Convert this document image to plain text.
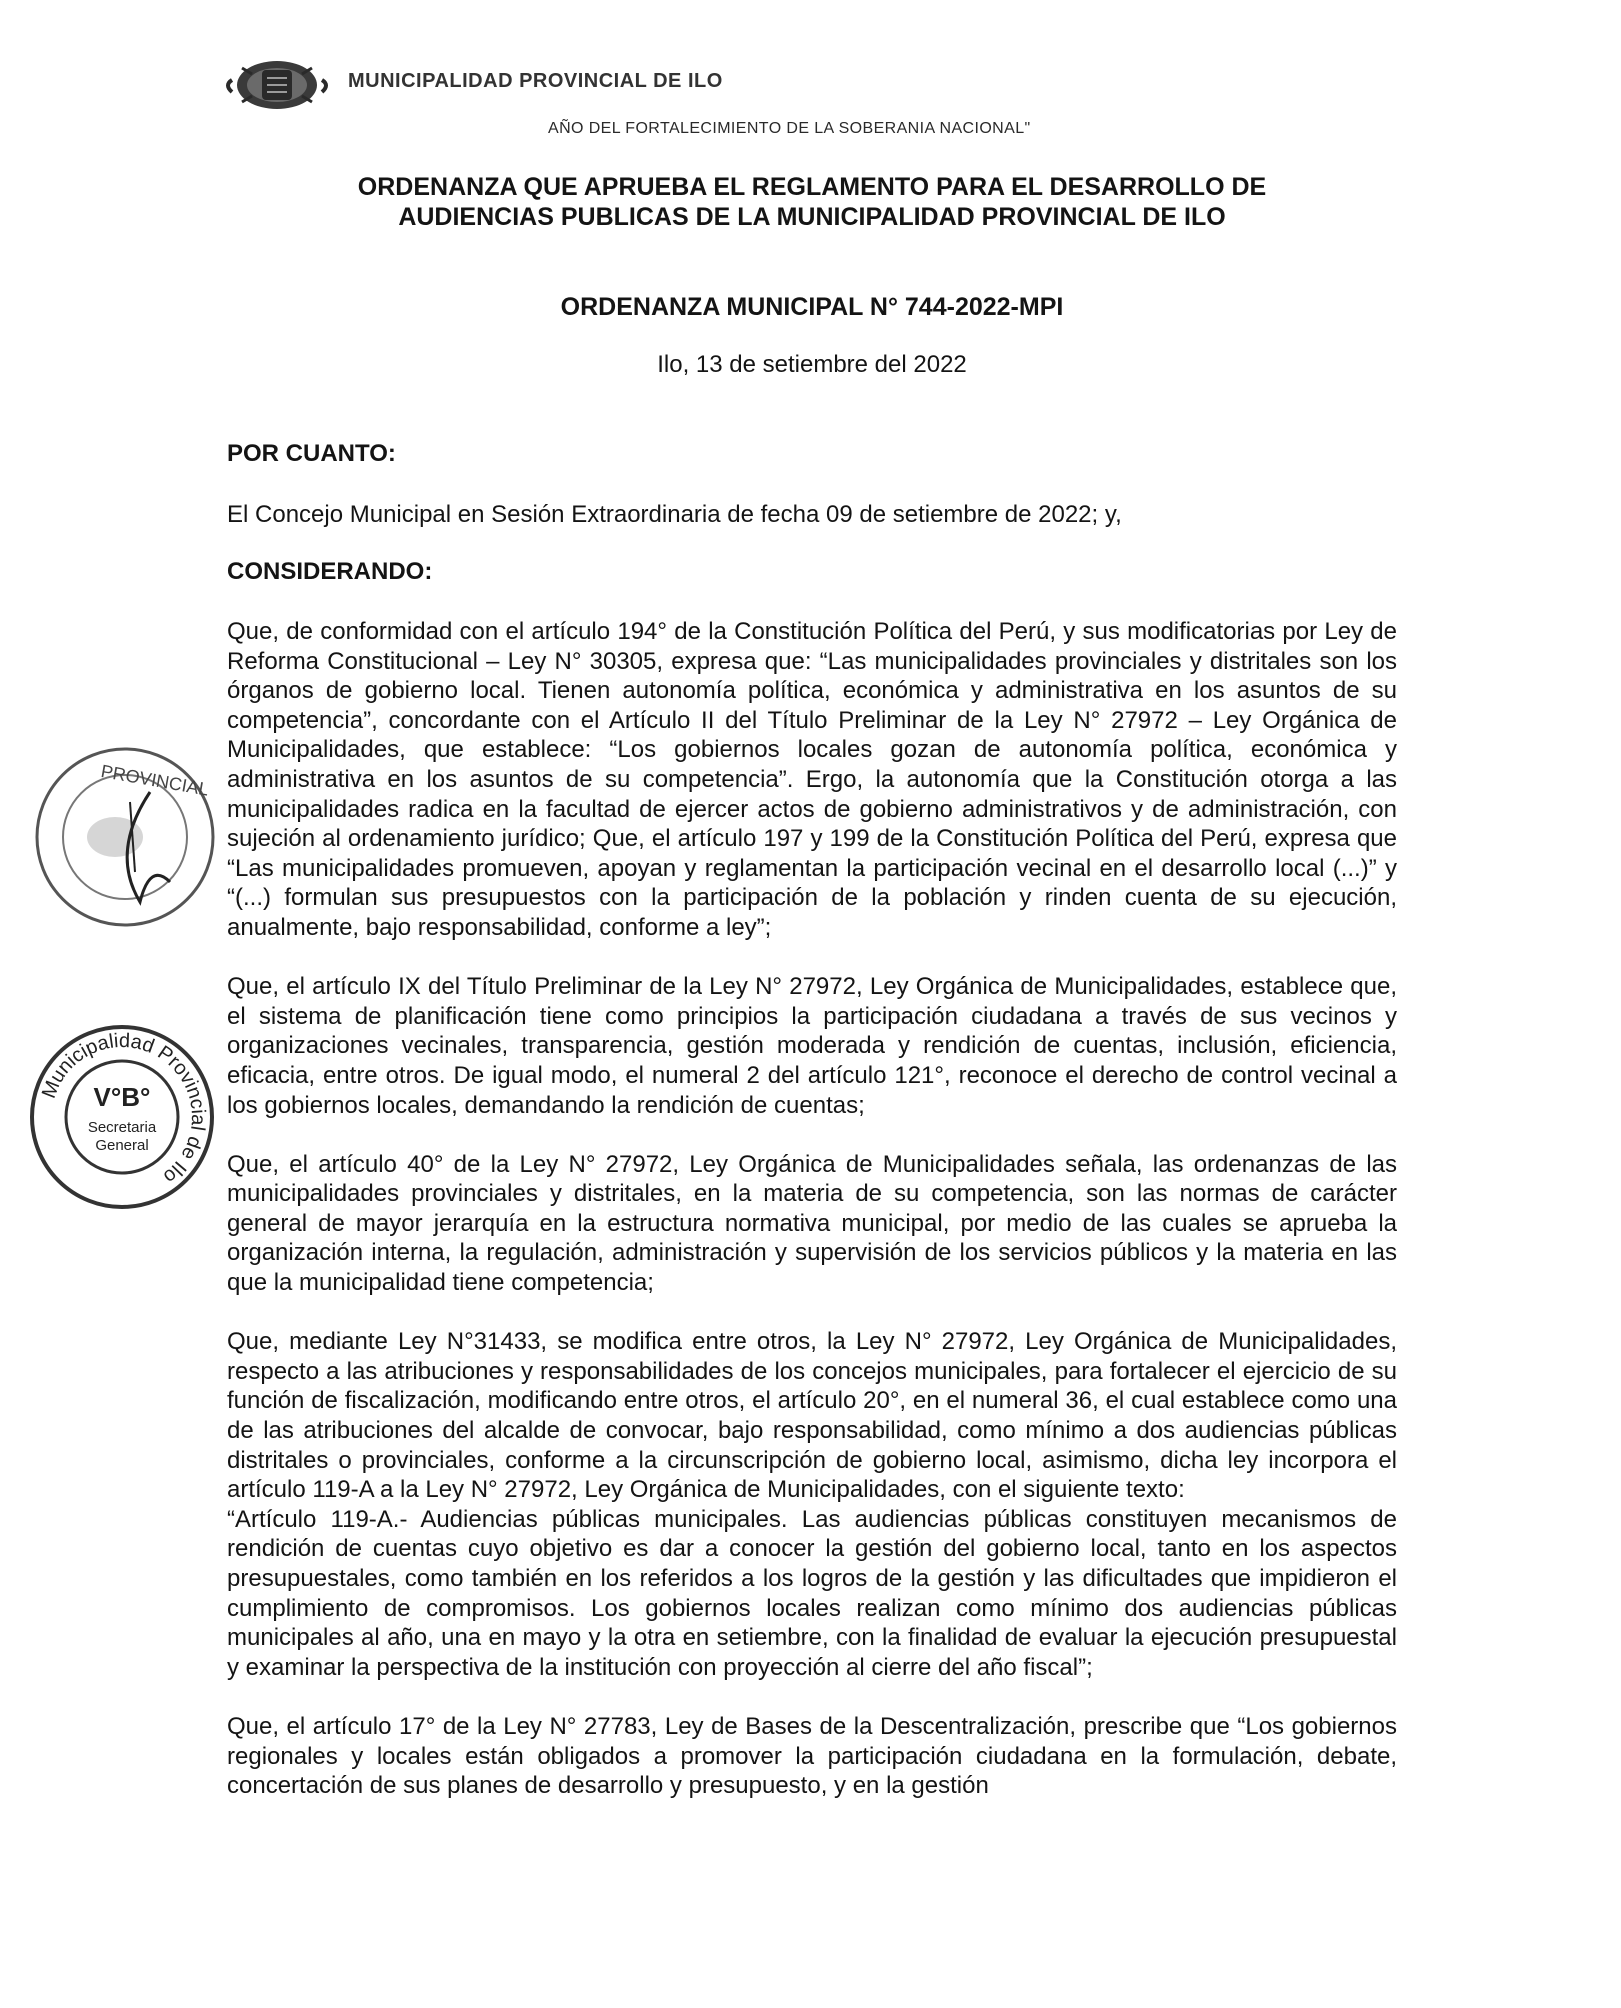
MUNICIPALIDAD PROVINCIAL DE ILO
AÑO DEL FORTALECIMIENTO DE LA SOBERANIA NACIONAL"
ORDENANZA QUE APRUEBA EL REGLAMENTO PARA EL DESARROLLO DE
AUDIENCIAS PUBLICAS DE LA MUNICIPALIDAD PROVINCIAL DE ILO
ORDENANZA MUNICIPAL N° 744-2022-MPI
Ilo, 13 de setiembre del 2022
POR CUANTO:

El Concejo Municipal en Sesión Extraordinaria de fecha 09 de setiembre de 2022; y,

CONSIDERANDO:

Que, de conformidad con el artículo 194° de la Constitución Política del Perú, y sus modificatorias por Ley de Reforma Constitucional – Ley N° 30305, expresa que: “Las municipalidades provinciales y distritales son los órganos de gobierno local. Tienen autonomía política, económica y administrativa en los asuntos de su competencia”, concordante con el Artículo II del Título Preliminar de la Ley N° 27972 – Ley Orgánica de Municipalidades, que establece: “Los gobiernos locales gozan de autonomía política, económica y administrativa en los asuntos de su competencia”. Ergo, la autonomía que la Constitución otorga a las municipalidades radica en la facultad de ejercer actos de gobierno administrativos y de administración, con sujeción al ordenamiento jurídico; Que, el artículo 197 y 199 de la Constitución Política del Perú, expresa que “Las municipalidades promueven, apoyan y reglamentan la participación vecinal en el desarrollo local (...)” y “(...) formulan sus presupuestos con la participación de la población y rinden cuenta de su ejecución, anualmente, bajo responsabilidad, conforme a ley”;

Que, el artículo IX del Título Preliminar de la Ley N° 27972, Ley Orgánica de Municipalidades, establece que, el sistema de planificación tiene como principios la participación ciudadana a través de sus vecinos y organizaciones vecinales, transparencia, gestión moderada y rendición de cuentas, inclusión, eficiencia, eficacia, entre otros. De igual modo, el numeral 2 del artículo 121°, reconoce el derecho de control vecinal a los gobiernos locales, demandando la rendición de cuentas;

Que, el artículo 40° de la Ley N° 27972, Ley Orgánica de Municipalidades señala, las ordenanzas de las municipalidades provinciales y distritales, en la materia de su competencia, son las normas de carácter general de mayor jerarquía en la estructura normativa municipal, por medio de las cuales se aprueba la organización interna, la regulación, administración y supervisión de los servicios públicos y la materia en las que la municipalidad tiene competencia;

Que, mediante Ley N°31433, se modifica entre otros, la Ley N° 27972, Ley Orgánica de Municipalidades, respecto a las atribuciones y responsabilidades de los concejos municipales, para fortalecer el ejercicio de su función de fiscalización, modificando entre otros, el artículo 20°, en el numeral 36, el cual establece como una de las atribuciones del alcalde de convocar, bajo responsabilidad, como mínimo a dos audiencias públicas distritales o provinciales, conforme a la circunscripción de gobierno local, asimismo, dicha ley incorpora el artículo 119-A a la Ley N° 27972, Ley Orgánica de Municipalidades, con el siguiente texto:

“Artículo 119-A.- Audiencias públicas municipales. Las audiencias públicas constituyen mecanismos de rendición de cuentas cuyo objetivo es dar a conocer la gestión del gobierno local, tanto en los aspectos presupuestales, como también en los referidos a los logros de la gestión y las dificultades que impidieron el cumplimiento de compromisos. Los gobiernos locales realizan como mínimo dos audiencias públicas municipales al año, una en mayo y la otra en setiembre, con la finalidad de evaluar la ejecución presupuestal y examinar la perspectiva de la institución con proyección al cierre del año fiscal”;

Que, el artículo 17° de la Ley N° 27783, Ley de Bases de la Descentralización, prescribe que “Los gobiernos regionales y locales están obligados a promover la participación ciudadana en la formulación, debate, concertación de sus planes de desarrollo y presupuesto, y en la gestión

PROVINCIAL
Municipalidad Provincial de Ilo
V°B°
Secretaria
General
